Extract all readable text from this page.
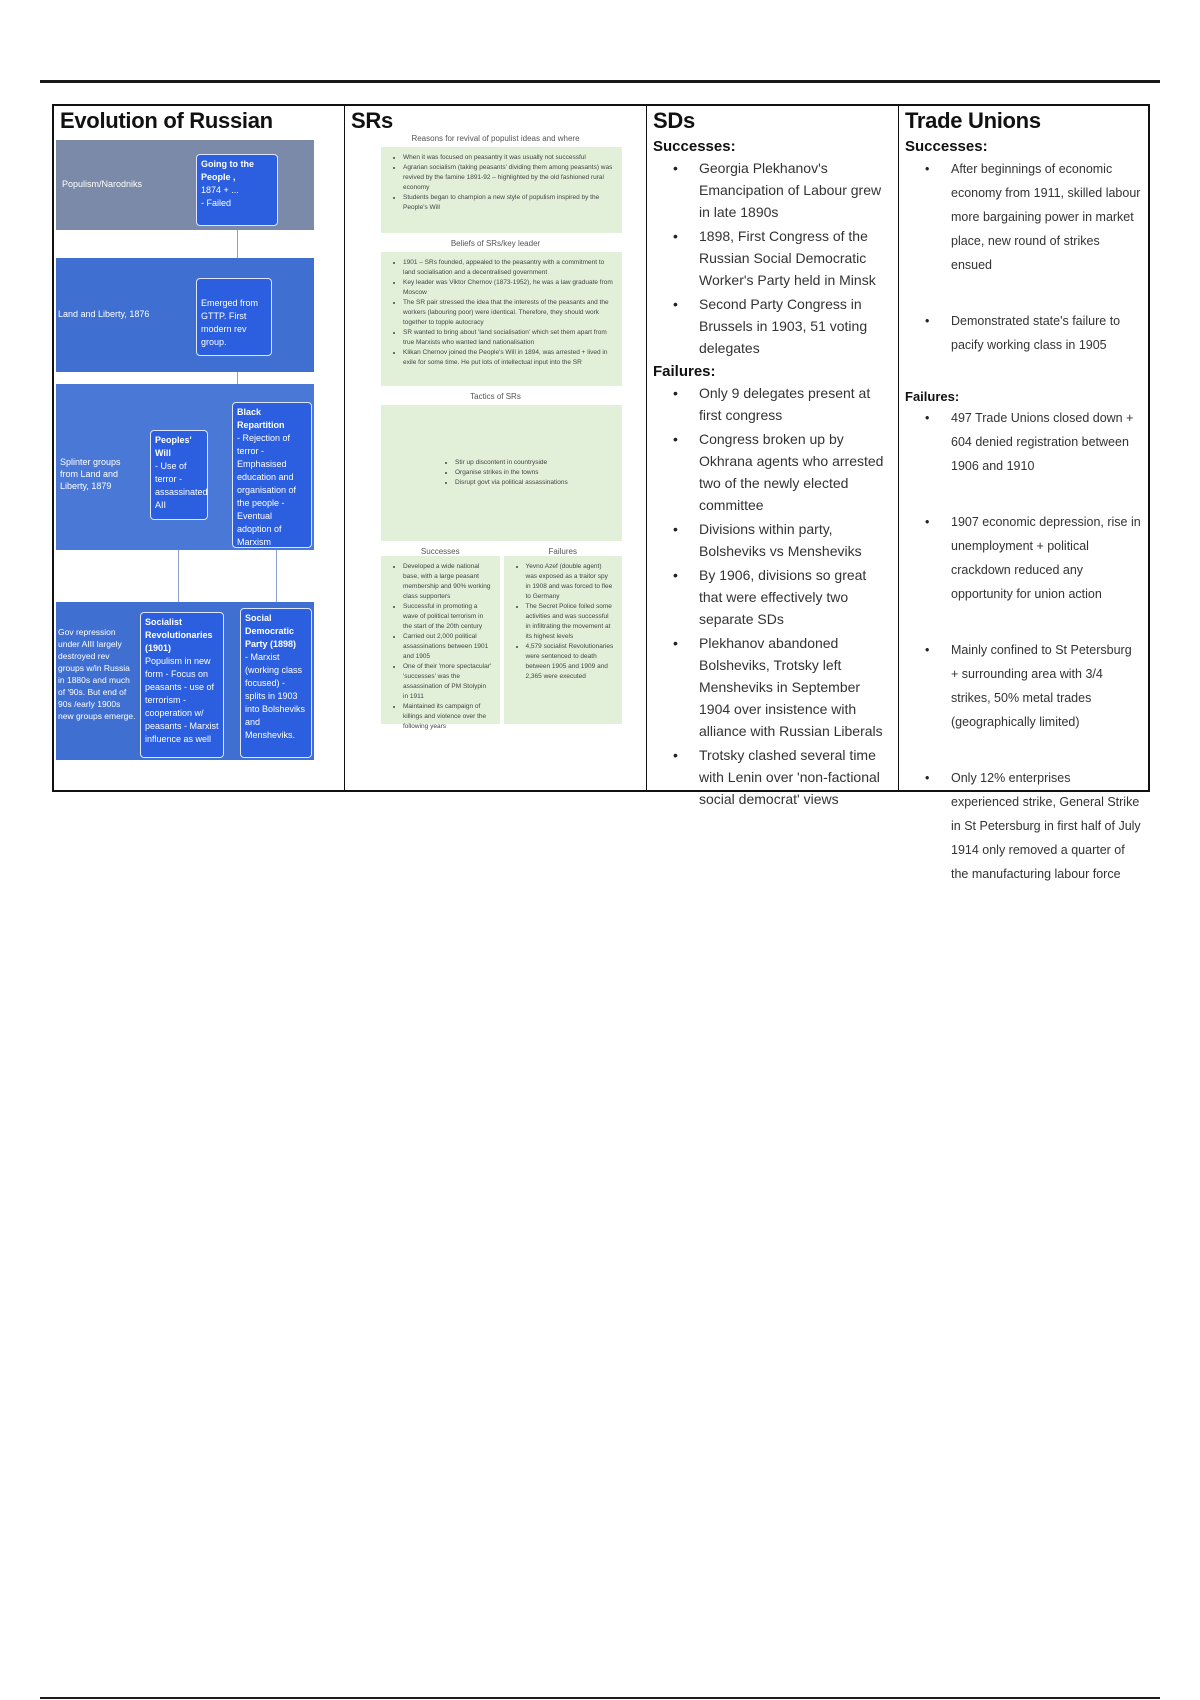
Evolution of Russian
Populism/Narodniks
Going to the People ,
1874 + ...
- Failed
Land and Liberty, 1876
Emerged from GTTP. First modern rev group.
Splinter groups from Land and Liberty, 1879
Peoples' Will
- Use of terror - assassinated AII
Black Repartition
- Rejection of terror - Emphasised education and organisation of the people - Eventual adoption of Marxism
Gov repression under AIII largely destroyed rev groups w/in Russia in 1880s and much of '90s. But end of 90s /early 1900s new groups emerge.
Socialist Revolutionaries (1901)
Populism in new form - Focus on peasants - use of terrorism - cooperation w/ peasants - Marxist influence as well
Social Democratic Party (1898)
- Marxist (working class focused) - splits in 1903 into Bolsheviks and Mensheviks.
SRs
Reasons for revival of populist ideas and where
• When it was focused on peasantry it was usually not successful
• Agrarian socialism (taking peasants' dividing them among peasants) was revived by the famine 1891-92 – highlighted by the old fashioned rural economy
• Students began to champion a new style of populism inspired by the People's Will
Beliefs of SRs/key leader
• 1901 – SRs founded, appealed to the peasantry with a commitment to land socialisation and a decentralised government
• Key leader was Viktor Chernov (1873-1952), he was a law graduate from Moscow
• The SR pair stressed the idea that the interests of the peasants and the workers (labouring poor) were identical. Therefore, they should work together to topple autocracy
• SR wanted to bring about 'land socialisation' which set them apart from true Marxists who wanted land nationalisation
• Klikan Chernov joined the People's Will in 1894, was arrested + lived in exile for some time. He put lots of intellectual input into the SR
Tactics of SRs
• Stir up discontent in countryside
• Organise strikes in the towns
• Disrupt govt via political assassinations
Successes
• Developed a wide national base, with a large peasant membership and 90% working class supporters
• Successful in promoting a wave of political terrorism in the start of the 20th century
• Carried out 2,000 political assassinations between 1901 and 1905
• One of their 'more spectacular' 'successes' was the assassination of PM Stolypin in 1911
• Maintained its campaign of killings and violence over the following years
Failures
• Yevno Azef (double agent) was exposed as a traitor spy in 1908 and was forced to flee to Germany
• The Secret Police foiled some activities and was successful in infiltrating the movement at its highest levels
• 4,579 socialist Revolutionaries were sentenced to death between 1905 and 1909 and 2,365 were executed
SDs
Successes:
• Georgia Plekhanov's Emancipation of Labour grew in late 1890s
• 1898, First Congress of the Russian Social Democratic Worker's Party held in Minsk
• Second Party Congress in Brussels in 1903, 51 voting delegates
Failures:
• Only 9 delegates present at first congress
• Congress broken up by Okhrana agents who arrested two of the newly elected committee
• Divisions within party, Bolsheviks vs Mensheviks
• By 1906, divisions so great that were effectively two separate SDs
• Plekhanov abandoned Bolsheviks, Trotsky left Mensheviks in September 1904 over insistence with alliance with Russian Liberals
• Trotsky clashed several time with Lenin over 'non-factional social democrat' views
Trade Unions
Successes:
• After beginnings of economic economy from 1911, skilled labour more bargaining power in market place, new round of strikes ensued
• Demonstrated state's failure to pacify working class in 1905
Failures:
• 497 Trade Unions closed down + 604 denied registration between 1906 and 1910
• 1907 economic depression, rise in unemployment + political crackdown reduced any opportunity for union action
• Mainly confined to St Petersburg + surrounding area with 3/4 strikes, 50% metal trades (geographically limited)
• Only 12% enterprises experienced strike, General Strike in St Petersburg in first half of July 1914 only removed a quarter of the manufacturing labour force
